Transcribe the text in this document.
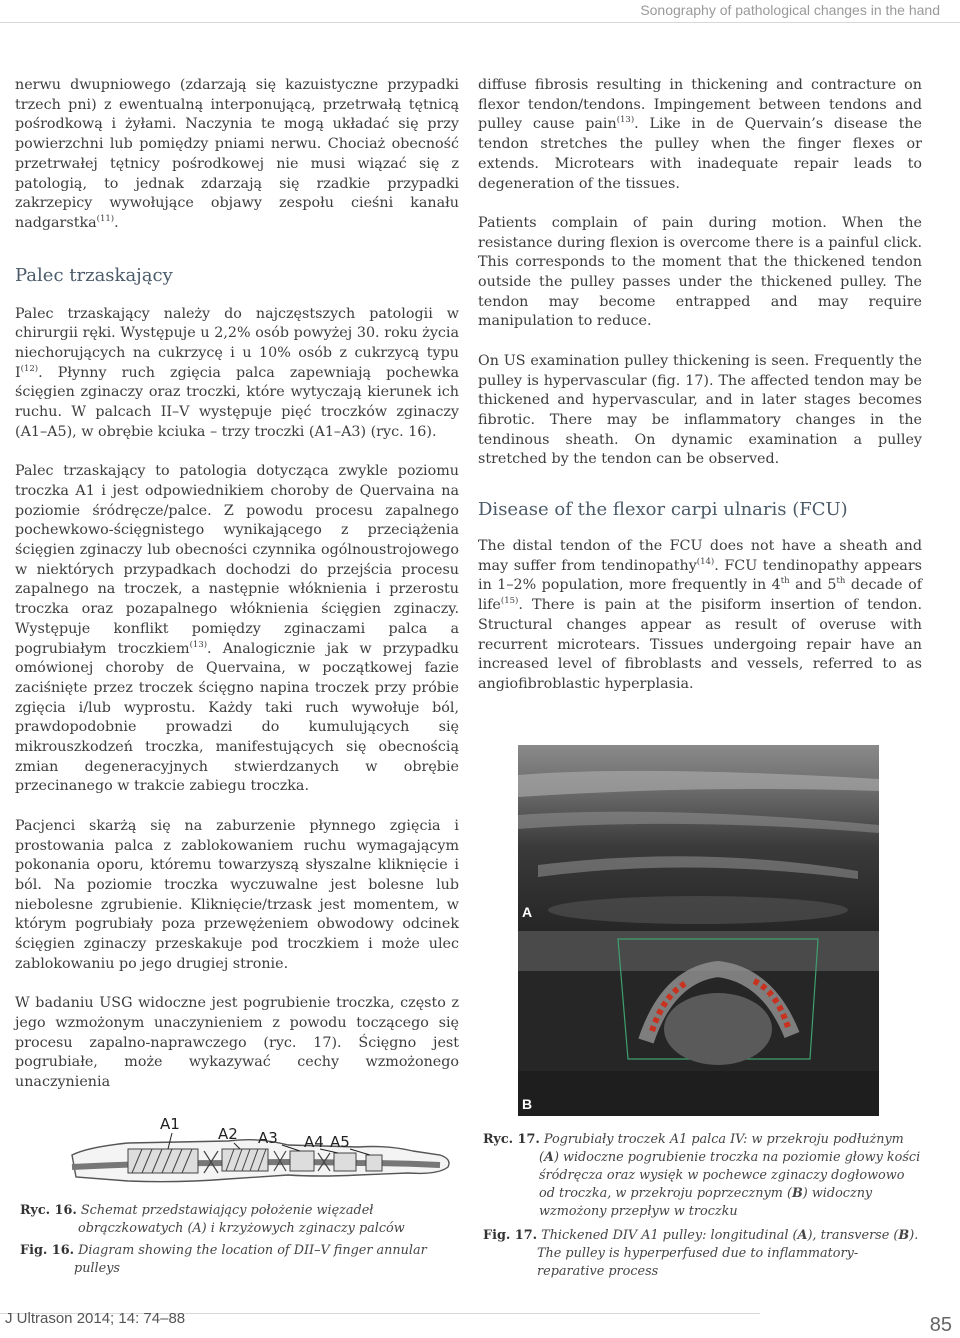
Sonography of pathological changes in the hand

nerwu dwupniowego (zdarzają się kazuistyczne przypadki trzech pni) z ewentualną interponującą, przetrwałą tętnicą pośrodkową i żyłami. Naczynia te mogą układać się przy powierzchni lub pomiędzy pniami nerwu. Chociaż obecność przetrwałej tętnicy pośrodkowej nie musi wiązać się z patologią, to jednak zdarzają się rzadkie przypadki zakrzepicy wywołujące objawy zespołu cieśni kanału nadgarstka$^{(11)}$.

Palec trzaskający

Palec trzaskający należy do najczęstszych patologii w chirurgii ręki. Występuje u 2,2% osób powyżej 30. roku życia niechorujących na cukrzycę i u 10% osób z cukrzycą typu $I^{(12)}$. Płynny ruch zgięcia palca zapewniają pochewka ścięgien zginaczy oraz troczki, które wytyczają kierunek ich ruchu. W palcach II–V występuje pięć troczków zginaczy (A1–A5), w obrębie kciuka – trzy troczki (A1–A3) (ryc. 16).

Palec trzaskający to patologia dotycząca zwykle poziomu troczka A1 i jest odpowiednikiem choroby de Quervaina na poziomie śródręcze/palce. Z powodu procesu zapalnego pochewkowo-ścięgnistego wynikającego z przeciążenia ścięgien zginaczy lub obecności czynnika ogólnoustrojowego w niektórych przypadkach dochodzi do przejścia procesu zapalnego na troczek, a następnie włóknienia i przerostu troczka oraz pozapalnego włóknienia ścięgien zginaczy. Występuje konflikt pomiędzy zginaczami palca a pogrubiałym troczkiem$^{(13)}$. Analogicznie jak w przypadku omówionej choroby de Quervaina, w początkowej fazie zaciśnięte przez troczek ścięgno napina troczek przy próbie zgięcia i/lub wyprostu. Każdy taki ruch wywołuje ból, prawdopodobnie prowadzi do kumulujących się mikrouszkodzeń troczka, manifestujących się obecnością zmian degeneracyjnych stwierdzanych w obrębie przecinanego w trakcie zabiegu troczka.

Pacjenci skarżą się na zaburzenie płynnego zgięcia i prostowania palca z zablokowaniem ruchu wymagającym pokonania oporu, któremu towarzyszą słyszalne kliknięcie i ból. Na poziomie troczka wyczuwalne jest bolesne lub niebolesne zgrubienie. Kliknięcie/trzask jest momentem, w którym pogrubiały poza przewężeniem obwodowy odcinek ścięgien zginaczy przeskakuje pod troczkiem i może ulec zablokowaniu po jego drugiej stronie.

W badaniu USG widoczne jest pogrubienie troczka, często z jego wzmożonym unaczynieniem z powodu toczącego się procesu zapalno-naprawczego (ryc. 17). Ścięgno jest pogrubiałe, może wykazywać cechy wzmożonego unaczynienia

diffuse fibrosis resulting in thickening and contracture on flexor tendon/tendons. Impingement between tendons and pulley cause pain$^{(13)}$. Like in de Quervain’s disease the tendon stretches the pulley when the finger flexes or extends. Microtears with inadequate repair leads to degeneration of the tissues.

Patients complain of pain during motion. When the resistance during flexion is overcome there is a painful click. This corresponds to the moment that the thickened tendon outside the pulley passes under the thickened pulley. The tendon may become entrapped and may require manipulation to reduce.

On US examination pulley thickening is seen. Frequently the pulley is hypervascular (fig. 17). The affected tendon may be thickened and hypervascular, and in later stages becomes fibrotic. There may be inflammatory changes in the tendinous sheath. On dynamic examination a pulley stretched by the tendon can be observed.

Disease of the flexor carpi ulnaris (FCU)

The distal tendon of the FCU does not have a sheath and may suffer from tendinopathy$^{(14)}$. FCU tendinopathy appears in 1–2% population, more frequently in 4th and 5th decade of life$^{(15)}$. There is pain at the pisiform insertion of tendon. Structural changes appear as result of overuse with recurrent microtears. Tissues undergoing repair have an increased level of fibroblasts and vessels, referred to as angiofibroblastic hyperplasia.

A1
A2 A3 A4 A5
Ryc. 16. Schemat przedstawiający położenie więzadeł obrączkowatych (A) i krzyżowych zginaczy palców
Fig. 16. Diagram showing the location of DII–V finger annular pulleys
A
B
Ryc. 17. Pogrubiały troczek A1 palca IV: w przekroju podłużnym (A) widoczne pogrubienie troczka na poziomie głowy kości śródręcza oraz wysięk w pochewce zginaczy dogłowowo od troczka, w przekroju poprzecznym (B) widoczny wzmożony przepływ w troczku
Fig. 17. Thickened DIV A1 pulley: longitudinal (A), transverse (B). The pulley is hyperperfused due to inflammatory-reparative process
J Ultrason 2014; 14: 74–88	85
